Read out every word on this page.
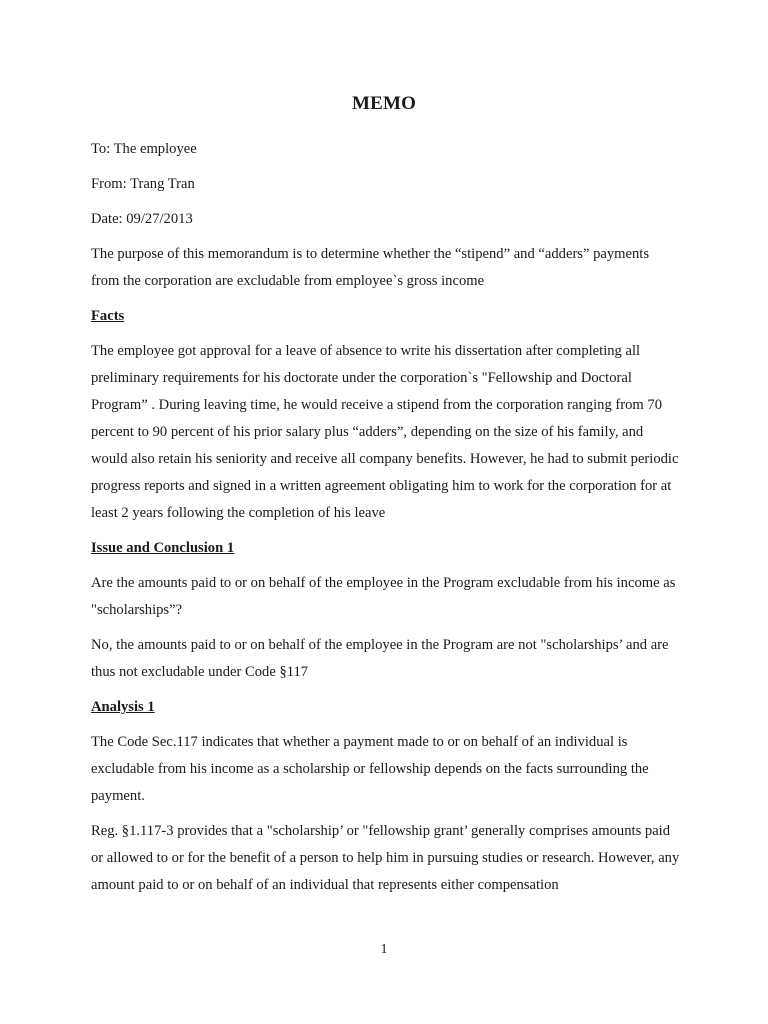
MEMO

To: The employee

From: Trang Tran

Date: 09/27/2013

The purpose of this memorandum is to determine whether the “stipend” and “adders” payments from the corporation are excludable from employee`s gross income

Facts

The employee got approval for a leave of absence to write his dissertation after completing all preliminary requirements for his doctorate under the corporation`s "Fellowship and Doctoral Program” . During leaving time, he would receive a stipend from the corporation ranging from 70 percent to 90 percent of his prior salary plus “adders”, depending on the size of his family, and would also retain his seniority and receive all company benefits. However, he had to submit periodic progress reports and signed in a written agreement obligating him to work for the corporation for at least 2 years following the completion of his leave

Issue and Conclusion 1

Are the amounts paid to or on behalf of the employee in the Program excludable from his income as "scholarships”?

No, the amounts paid to or on behalf of the employee in the Program are not "scholarships’ and are thus not excludable under Code §117

Analysis 1

The Code Sec.117 indicates that whether a payment made to or on behalf of an individual is excludable from his income as a scholarship or fellowship depends on the facts surrounding the payment.

Reg. §1.117-3 provides that a "scholarship’ or "fellowship grant’ generally comprises amounts paid or allowed to or for the benefit of a person to help him in pursuing studies or research. However, any amount paid to or on behalf of an individual that represents either compensation

1
